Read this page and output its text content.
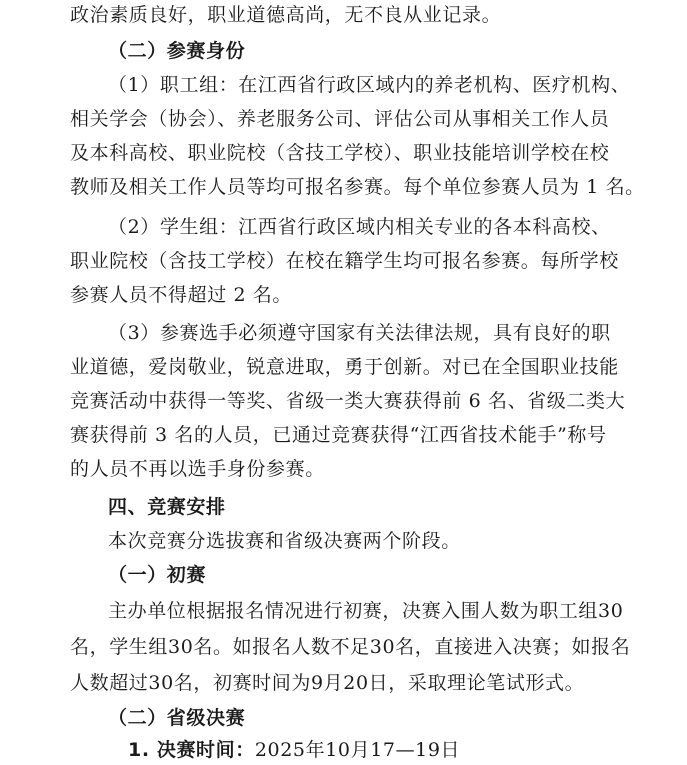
政治素质良好，职业道德高尚，无不良从业记录。
（二）参赛身份
（1）职工组：在江西省行政区域内的养老机构、医疗机构、
相关学会（协会）、养老服务公司、评估公司从事相关工作人员
及本科高校、职业院校（含技工学校）、职业技能培训学校在校
教师及相关工作人员等均可报名参赛。每个单位参赛人员为 1 名。
（2）学生组：江西省行政区域内相关专业的各本科高校、
职业院校（含技工学校）在校在籍学生均可报名参赛。每所学校
参赛人员不得超过 2 名。
（3）参赛选手必须遵守国家有关法律法规，具有良好的职
业道德，爱岗敬业，锐意进取，勇于创新。对已在全国职业技能
竞赛活动中获得一等奖、省级一类大赛获得前 6 名、省级二类大
赛获得前 3 名的人员，已通过竞赛获得“江西省技术能手”称号
的人员不再以选手身份参赛。
四、竞赛安排
本次竞赛分选拔赛和省级决赛两个阶段。
（一）初赛
主办单位根据报名情况进行初赛，决赛入围人数为职工组30
名，学生组30名。如报名人数不足30名，直接进入决赛；如报名
人数超过30名，初赛时间为9月20日，采取理论笔试形式。
（二）省级决赛
1. 决赛时间：2025年10月17—19日
